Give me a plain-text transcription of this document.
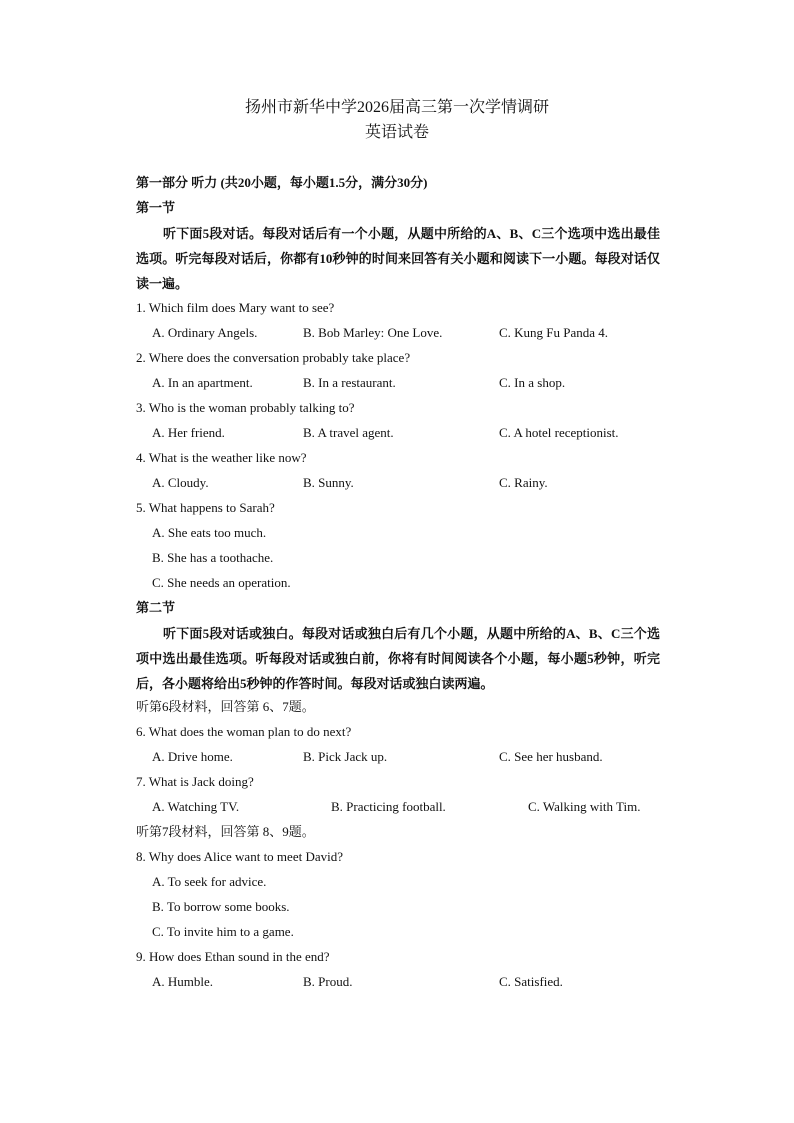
扬州市新华中学2026届高三第一次学情调研
英语试卷
第一部分 听力 (共20小题，每小题1.5分，满分30分)
第一节
听下面5段对话。每段对话后有一个小题，从题中所给的A、B、C三个选项中选出最佳选项。听完每段对话后，你都有10秒钟的时间来回答有关小题和阅读下一小题。每段对话仅读一遍。
1. Which film does Mary want to see?
A. Ordinary Angels.	B. Bob Marley: One Love.	C. Kung Fu Panda 4.
2. Where does the conversation probably take place?
A. In an apartment.	B. In a restaurant.	C. In a shop.
3. Who is the woman probably talking to?
A. Her friend.	B. A travel agent.	C. A hotel receptionist.
4. What is the weather like now?
A. Cloudy.	B. Sunny.	C. Rainy.
5. What happens to Sarah?
A. She eats too much.
B. She has a toothache.
C. She needs an operation.
第二节
听下面5段对话或独白。每段对话或独白后有几个小题，从题中所给的A、B、C三个选项中选出最佳选项。听每段对话或独白前，你将有时间阅读各个小题，每小题5秒钟，听完后，各小题将给出5秒钟的作答时间。每段对话或独白读两遍。
听第6段材料，回答第 6、7题。
6. What does the woman plan to do next?
A. Drive home.	B. Pick Jack up.	C. See her husband.
7. What is Jack doing?
A. Watching TV.	B. Practicing football.	C. Walking with Tim.
听第7段材料，回答第 8、9题。
8. Why does Alice want to meet David?
A. To seek for advice.
B. To borrow some books.
C. To invite him to a game.
9. How does Ethan sound in the end?
A. Humble.	B. Proud.	C. Satisfied.
